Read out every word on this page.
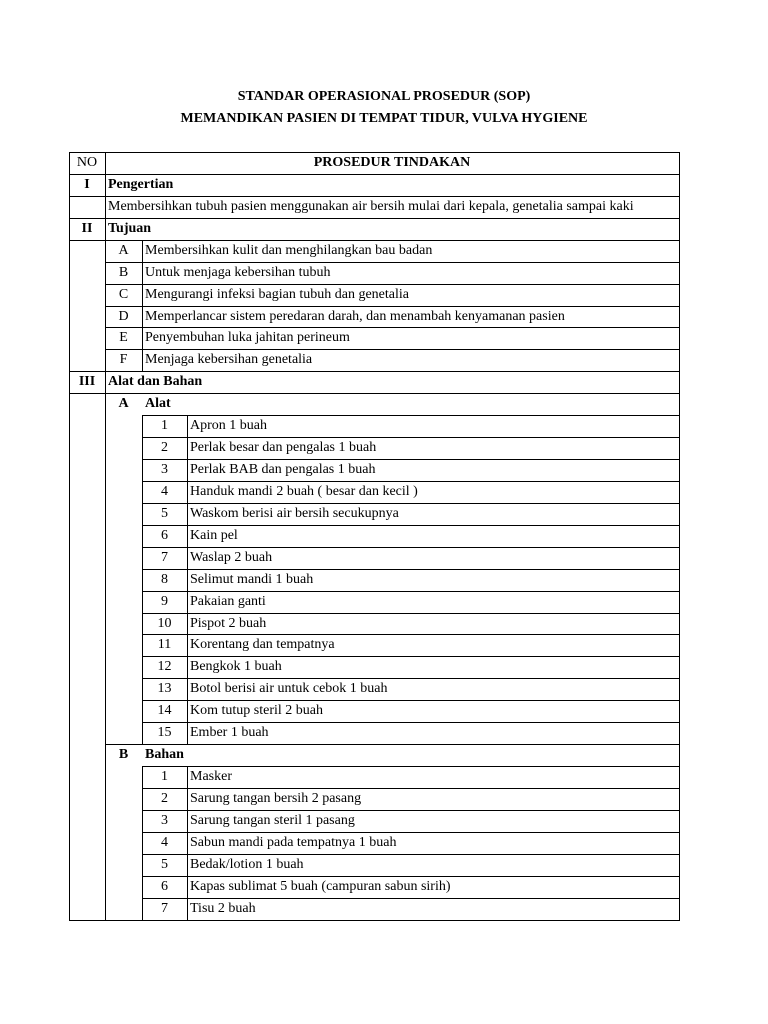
STANDAR OPERASIONAL PROSEDUR (SOP)
MEMANDIKAN PASIEN DI TEMPAT TIDUR, VULVA HYGIENE
NO	PROSEDUR TINDAKAN
I	Pengertian
Membersihkan tubuh pasien menggunakan air bersih mulai dari kepala, genetalia sampai kaki
II	Tujuan
A	Membersihkan kulit dan menghilangkan bau badan
B	Untuk menjaga kebersihan tubuh
C	Mengurangi infeksi bagian tubuh dan genetalia
D	Memperlancar sistem peredaran darah, dan menambah kenyamanan pasien
E	Penyembuhan luka jahitan perineum
F	Menjaga kebersihan genetalia
III Alat dan Bahan
A	Alat
1	Apron 1 buah
2	Perlak besar dan pengalas 1 buah
3	Perlak BAB dan pengalas 1 buah
4	Handuk mandi 2 buah ( besar dan kecil )
5	Waskom berisi air bersih secukupnya
6	Kain pel
7	Waslap 2 buah
8	Selimut mandi 1 buah
9	Pakaian ganti
10	Pispot 2 buah
11	Korentang dan tempatnya
12	Bengkok 1 buah
13	Botol berisi air untuk cebok 1 buah
14	Kom tutup steril 2 buah
15	Ember 1 buah
B	Bahan
1	Masker
2	Sarung tangan bersih 2 pasang
3	Sarung tangan steril 1 pasang
4	Sabun mandi pada tempatnya 1 buah
5	Bedak/lotion 1 buah
6	Kapas sublimat 5 buah (campuran sabun sirih)
7	Tisu 2 buah
